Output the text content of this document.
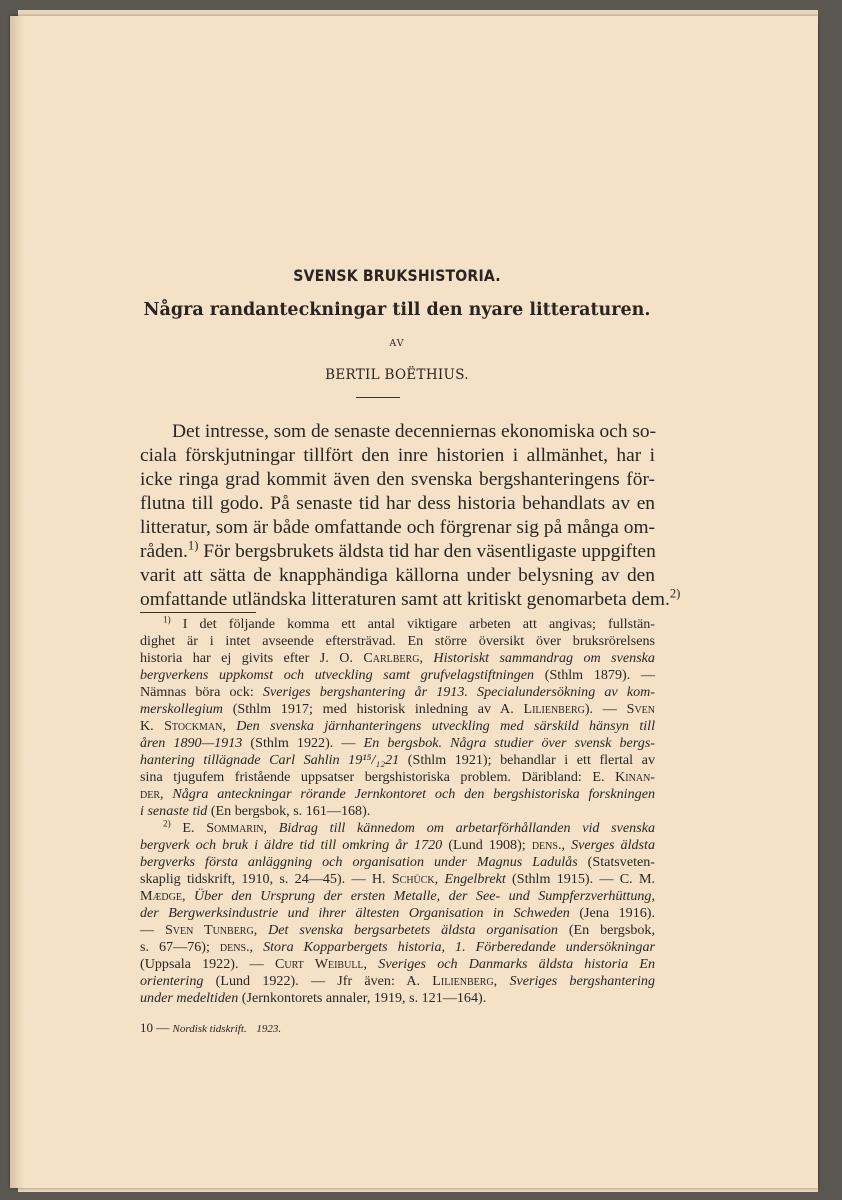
SVENSK BRUKSHISTORIA.
Några randanteckningar till den nyare litteraturen.
AV
BERTIL BOËTHIUS.
Det intresse, som de senaste decenniernas ekonomiska och so-
ciala förskjutningar tillfört den inre historien i allmänhet, har i
icke ringa grad kommit även den svenska bergshanteringens för-
flutna till godo. På senaste tid har dess historia behandlats av en
litteratur, som är både omfattande och förgrenar sig på många om-
råden.$^{1)}$ För bergsbrukets äldsta tid har den väsentligaste uppgiften
varit att sätta de knapphändiga källorna under belysning av den
omfattande utländska litteraturen samt att kritiskt genomarbeta dem.$^{2)}$
$^{1)}$ I det följande komma ett antal viktigare arbeten att angivas; fullstän-
dighet är i intet avseende eftersträvad. En större översikt över bruksrörelsens
historia har ej givits efter J. O. Carlberg, Historiskt sammandrag om svenska
bergverkens uppkomst och utveckling samt grufvelagstiftningen (Sthlm 1879). —
Nämnas böra ock: Sveriges bergshantering år 1913. Specialundersökning av kom-
merskollegium (Sthlm 1917; med historisk inledning av A. Lilienberg). — Sven
K. Stockman, Den svenska järnhanteringens utveckling med särskild hänsyn till
åren 1890—1913 (Sthlm 1922). — En bergsbok. Några studier över svensk bergs-
hantering tillägnade Carl Sahlin 19¹⁵/₁₂21 (Sthlm 1921); behandlar i ett flertal av
sina tjugufem fristående uppsatser bergshistoriska problem. Däribland: E. Kinan-
der, Några anteckningar rörande Jernkontoret och den bergshistoriska forskningen
i senaste tid (En bergsbok, s. 161—168).
$^{2)}$ E. Sommarin, Bidrag till kännedom om arbetarförhållanden vid svenska
bergverk och bruk i äldre tid till omkring år 1720 (Lund 1908); dens., Sverges äldsta
bergverks första anläggning och organisation under Magnus Ladulås (Statsveten-
skaplig tidskrift, 1910, s. 24—45). — H. Schück, Engelbrekt (Sthlm 1915). — C. M.
Mædge, Über den Ursprung der ersten Metalle, der See- und Sumpferzverhüttung,
der Bergwerksindustrie und ihrer ältesten Organisation in Schweden (Jena 1916).
— Sven Tunberg, Det svenska bergsarbetets äldsta organisation (En bergsbok,
s. 67—76); dens., Stora Kopparbergets historia, 1. Förberedande undersökningar
(Uppsala 1922). — Curt Weibull, Sveriges och Danmarks äldsta historia En
orientering (Lund 1922). — Jfr även: A. Lilienberg, Sveriges bergshantering
under medeltiden (Jernkontorets annaler, 1919, s. 121—164).
10 — Nordisk tidskrift. 1923.
